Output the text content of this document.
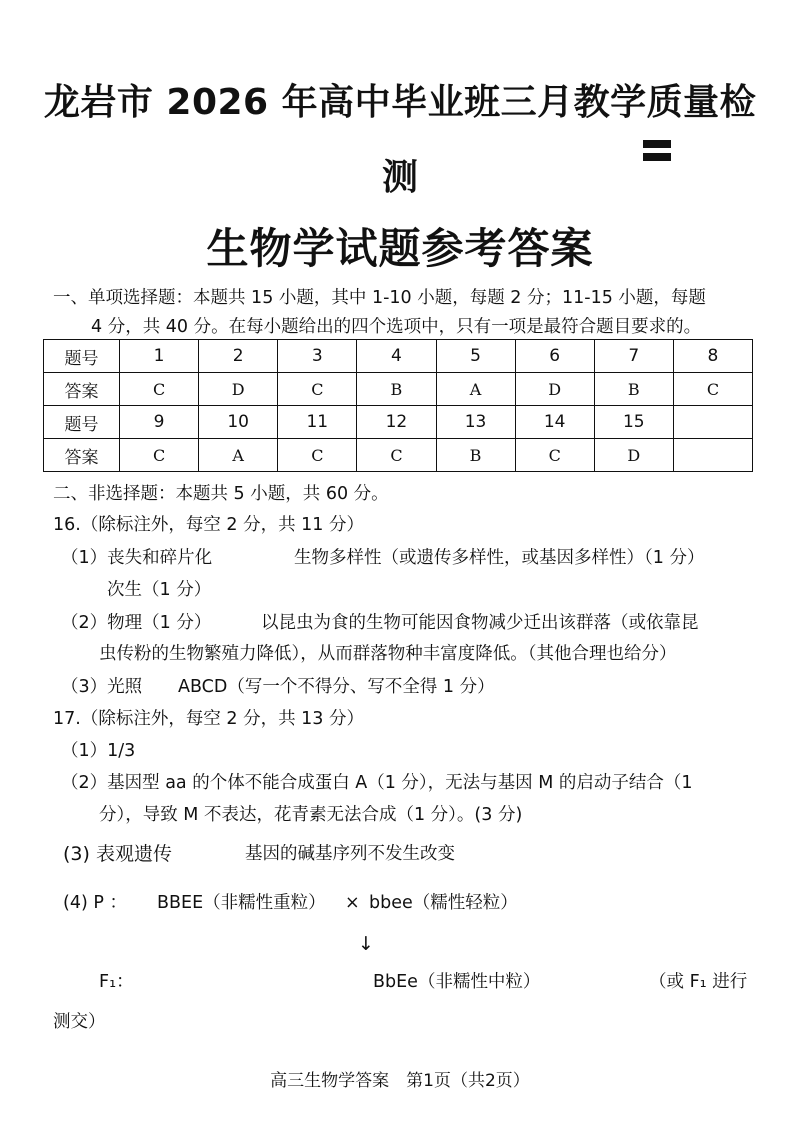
龙岩市 2026 年高中毕业班三月教学质量检
测
生物学试题参考答案
一、单项选择题：本题共 15 小题，其中 1-10 小题，每题 2 分；11-15 小题，每题
4 分，共 40 分。在每小题给出的四个选项中，只有一项是最符合题目要求的。
题号	1	2	3	4	5	6	7	8
答案	C	D	C	B	A	D	B	C
题号	9	10	11	12	13	14	15	
答案	C	A	C	C	B	C	D	
二、非选择题：本题共 5 小题，共 60 分。
16.（除标注外，每空 2 分，共 11 分）
（1）丧失和碎片化	生物多样性（或遗传多样性，或基因多样性）（1 分）
次生（1 分）
（2）物理（1 分）	以昆虫为食的生物可能因食物减少迁出该群落（或依靠昆
虫传粉的生物繁殖力降低），从而群落物种丰富度降低。（其他合理也给分）
（3）光照 ABCD（写一个不得分、写不全得 1 分）
17.（除标注外，每空 2 分，共 13 分）
（1）1/3
（2）基因型 aa 的个体不能合成蛋白 A（1 分），无法与基因 M 的启动子结合（1
分），导致 M 不表达，花青素无法合成（1 分）。(3 分)
(3) 表观遗传	基因的碱基序列不发生改变
(4) P ： BBEE（非糯性重粒） × bbee（糯性轻粒）
↓
F₁：	BbEe（非糯性中粒）	（或 F₁ 进行
测交）
高三生物学答案　第1页（共2页）
